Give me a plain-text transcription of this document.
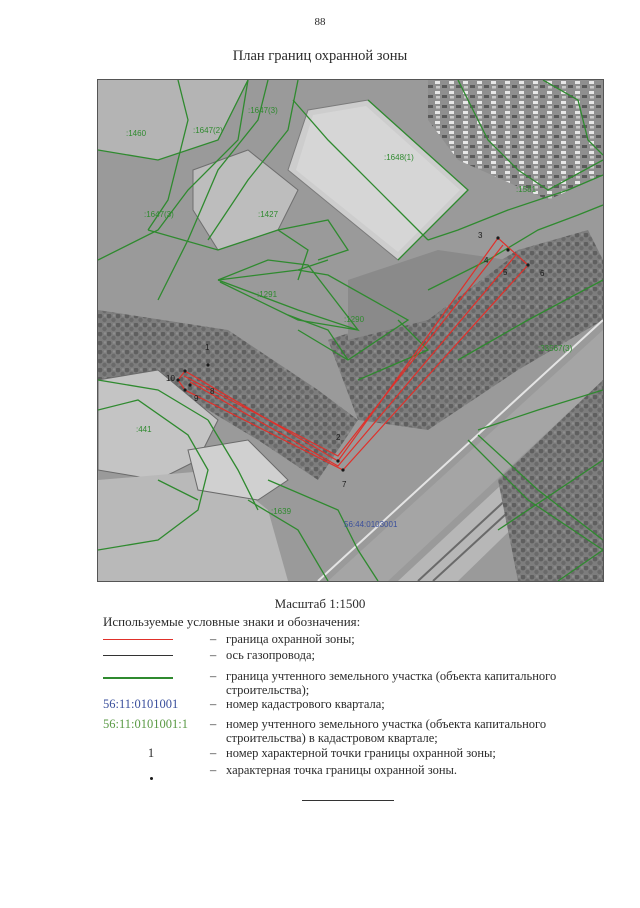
88
План границ охранной зоны
1
2
3
4
5	6
7
8
9
10
:1460	:1647(2)
:1647(3)
:1648(1)
:1581
:1647(3)	:1427
:1291
:1290
:33567(3)
:441
:1639
56:44:0103001
Масштаб 1:1500
Используемые условные знаки и обозначения:
– граница охранной зоны;
– ось газопровода;
– граница учтенного земельного участка (объекта капитального строительства);
56:11:0101001	– номер кадастрового квартала;
56:11:0101001:1	– номер учтенного земельного участка (объекта капитального строительства) в кадастровом квартале;
1	– номер характерной точки границы охранной зоны;
– характерная точка границы охранной зоны.
